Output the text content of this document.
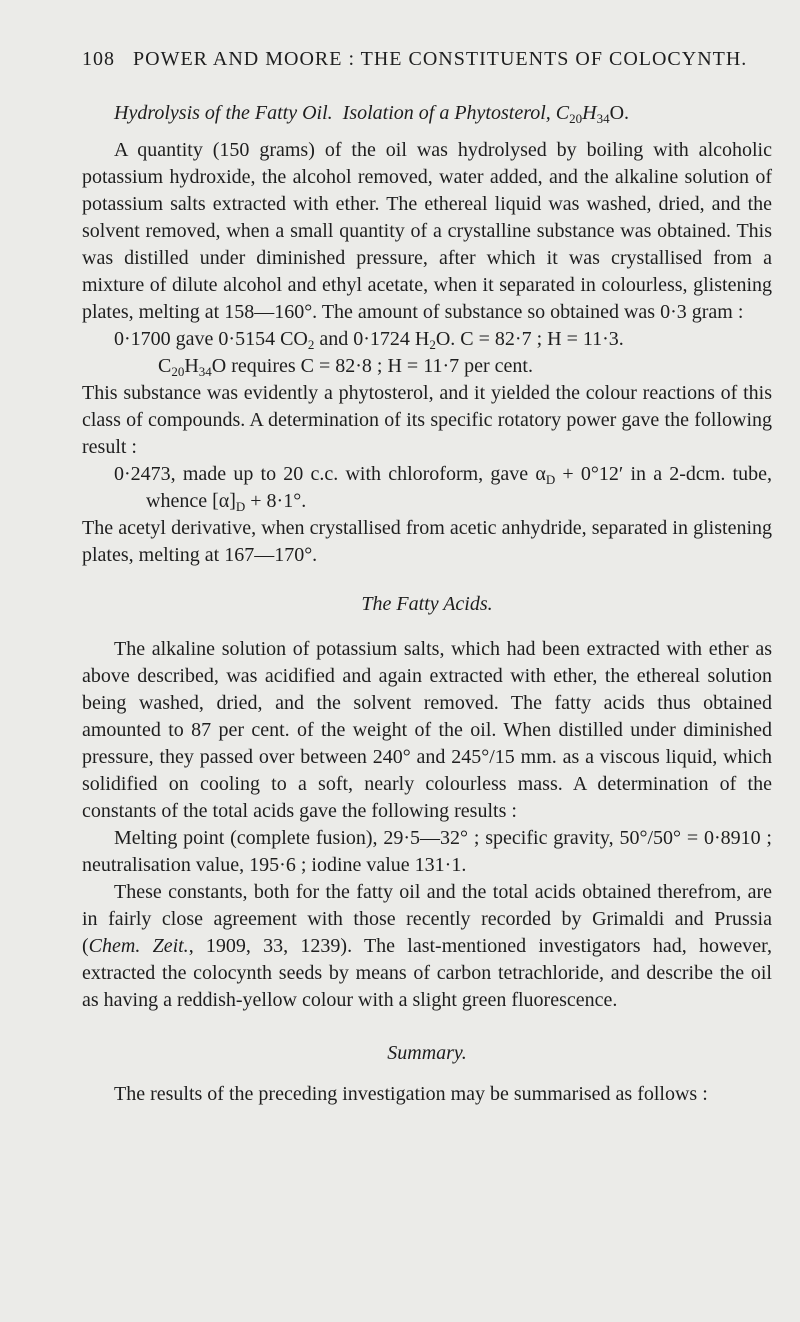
108 POWER AND MOORE : THE CONSTITUENTS OF COLOCYNTH.

Hydrolysis of the Fatty Oil. Isolation of a Phytosterol, $C_{20}H_{34}O$.

A quantity (150 grams) of the oil was hydrolysed by boiling with alcoholic potassium hydroxide, the alcohol removed, water added, and the alkaline solution of potassium salts extracted with ether. The ethereal liquid was washed, dried, and the solvent removed, when a small quantity of a crystalline substance was obtained. This was distilled under diminished pressure, after which it was crystallised from a mixture of dilute alcohol and ethyl acetate, when it separated in colourless, glistening plates, melting at 158—160°. The amount of substance so obtained was 0·3 gram :

0·1700 gave 0·5154 $CO_2$ and 0·1724 $H_2O$. C = 82·7 ; H = 11·3.

$C_{20}H_{34}O$ requires C = 82·8 ; H = 11·7 per cent.

This substance was evidently a phytosterol, and it yielded the colour reactions of this class of compounds. A determination of its specific rotatory power gave the following result :

0·2473, made up to 20 c.c. with chloroform, gave $\alpha_D + 0^\circ 12'$ in a 2-dcm. tube, whence $[\alpha]_D + 8\cdot 1^\circ$.

The acetyl derivative, when crystallised from acetic anhydride, separated in glistening plates, melting at 167—170°.

The Fatty Acids.

The alkaline solution of potassium salts, which had been extracted with ether as above described, was acidified and again extracted with ether, the ethereal solution being washed, dried, and the solvent removed. The fatty acids thus obtained amounted to 87 per cent. of the weight of the oil. When distilled under diminished pressure, they passed over between 240° and 245°/15 mm. as a viscous liquid, which solidified on cooling to a soft, nearly colourless mass. A determination of the constants of the total acids gave the following results :

Melting point (complete fusion), 29·5—32° ; specific gravity, 50°/50° = 0·8910 ; neutralisation value, 195·6 ; iodine value 131·1.

These constants, both for the fatty oil and the total acids obtained therefrom, are in fairly close agreement with those recently recorded by Grimaldi and Prussia (Chem. Zeit., 1909, 33, 1239). The last-mentioned investigators had, however, extracted the colocynth seeds by means of carbon tetrachloride, and describe the oil as having a reddish-yellow colour with a slight green fluorescence.

Summary.

The results of the preceding investigation may be summarised as follows :
